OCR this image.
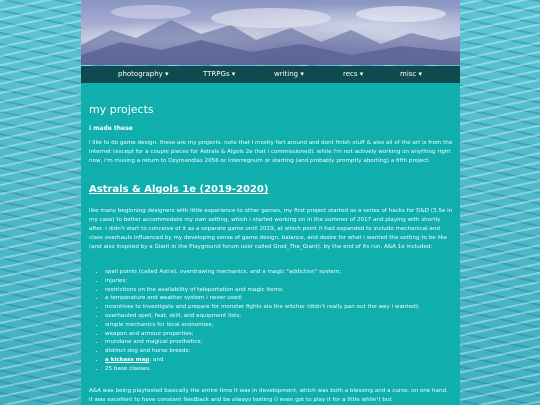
photography ▾	TTRPGs ▾	writing ▾	recs ▾	misc ▾
my projects
i made these

i like to do game design. these are my projects. note that i mostly fart around and dont finish stuff & also all of the art is from the internet (except for a couple pieces for Astrals & Algols 2e that i commissioned). while i'm not actively working on anything right now, i'm musing a return to Ozymandias 2056 or Interregnum or starting (and probably promptly aborting) a fifth project.

Astrals & Algols 1e (2019-2020)

like many beginning designers with little experience to other games, my first project started as a series of hacks for D&D (3.5e in my case) to better accommodate my own setting, which i started working on in the summer of 2017 and playing with shortly after. i didn't start to conceive of it as a separate game until 2019, at which point it had expanded to include mechanical and class overhauls influenced by my developing sense of game design, balance, and desire for what i wanted the setting to be like (and also inspired by a Giant in the Playground forum user called Grod_The_Giant). by the end of its run, A&A 1e included:

• spell points (called Astra), overdrawing mechanics, and a magic "addiction" system;
• injuries;
• restrictions on the availability of teleportation and magic items;
• a temperature and weather system i never used;
• incentives to investigate and prepare for monster fights ala the witcher (didn't really pan out the way i wanted);
• overhauled spell, feat, skill, and equipment lists;
• simple mechanics for local economies;
• weapon and armour properties;
• mundane and magical prosthetics;
• distinct dog and horse breeds;
• a kickass map; and
• 25 base classes.

A&A was being playtested basically the entire time it was in development, which was both a blessing and a curse. on one hand, it was excellent to have constant feedback and be always testing (i even got to play it for a little while!) but
